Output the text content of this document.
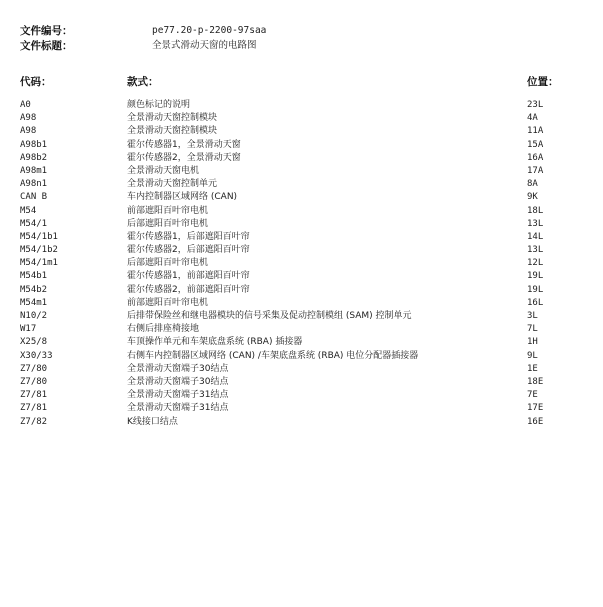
文件编号：	pe77.20-p-2200-97saa
文件标题：	全景式滑动天窗的电路图
代码：	款式：	位置：
A0	颜色标记的说明	23L
A98	全景滑动天窗控制模块	4A
A98	全景滑动天窗控制模块	11A
A98b1	霍尔传感器1，全景滑动天窗	15A
A98b2	霍尔传感器2，全景滑动天窗	16A
A98m1	全景滑动天窗电机	17A
A98n1	全景滑动天窗控制单元	8A
CAN B	车内控制器区域网络 (CAN)	9K
M54	前部遮阳百叶帘电机	18L
M54/1	后部遮阳百叶帘电机	13L
M54/1b1	霍尔传感器1，后部遮阳百叶帘	14L
M54/1b2	霍尔传感器2，后部遮阳百叶帘	13L
M54/1m1	后部遮阳百叶帘电机	12L
M54b1	霍尔传感器1，前部遮阳百叶帘	19L
M54b2	霍尔传感器2，前部遮阳百叶帘	19L
M54m1	前部遮阳百叶帘电机	16L
N10/2	后排带保险丝和继电器模块的信号采集及促动控制模组 (SAM) 控制单元	3L
W17	右侧后排座椅接地	7L
X25/8	车顶操作单元和车架底盘系统 (RBA) 插接器	1H
X30/33	右侧车内控制器区域网络 (CAN) /车架底盘系统 (RBA) 电位分配器插接器	9L
Z7/80	全景滑动天窗端子30结点	1E
Z7/80	全景滑动天窗端子30结点	18E
Z7/81	全景滑动天窗端子31结点	7E
Z7/81	全景滑动天窗端子31结点	17E
Z7/82	K线接口结点	16E
